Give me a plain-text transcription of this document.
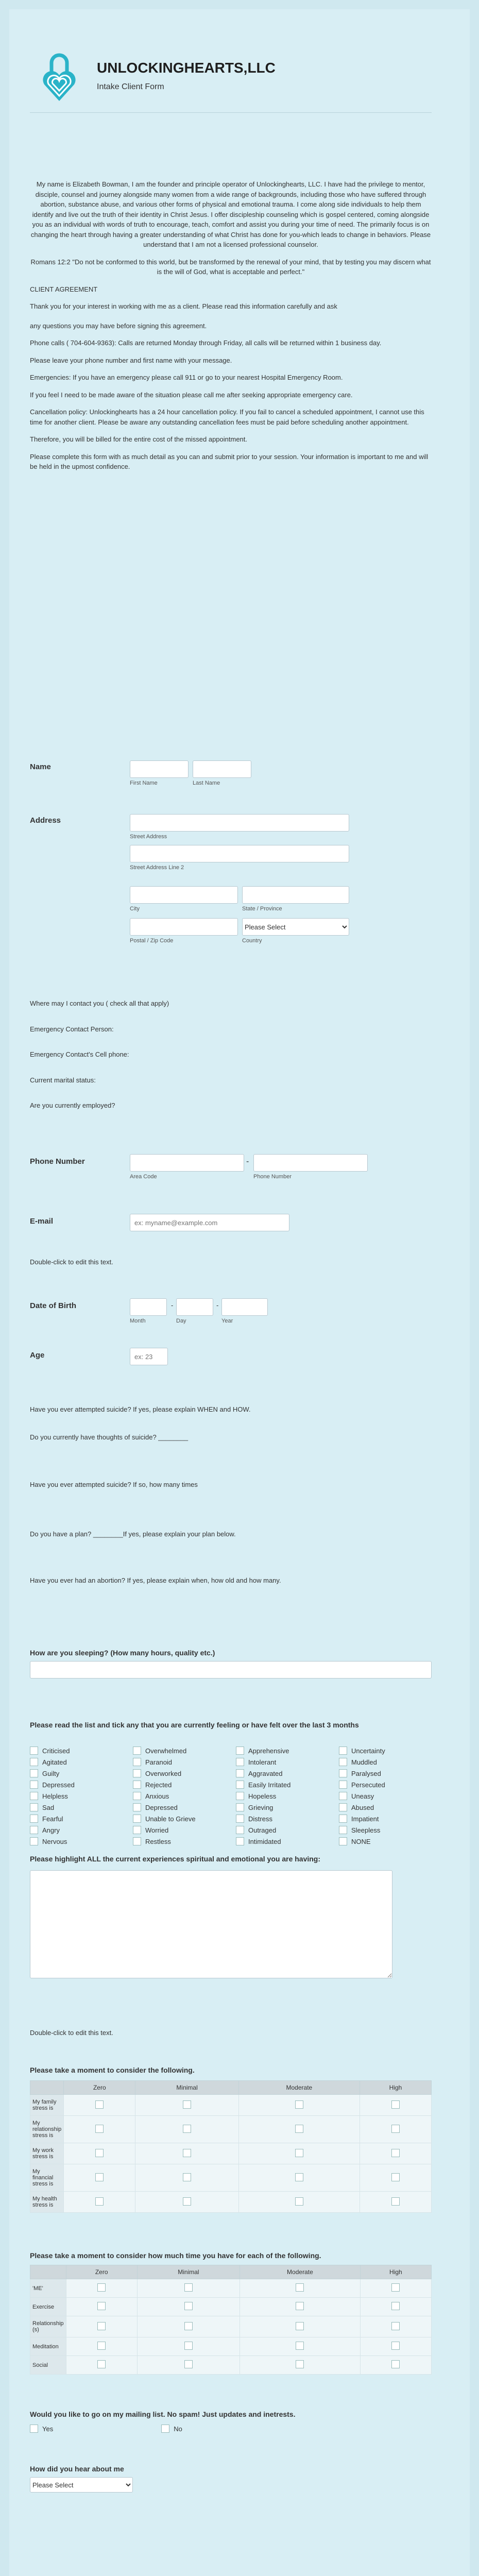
UNLOCKINGHEARTS,LLC
Intake Client Form

My name is Elizabeth Bowman, I am the founder and principle operator of Unlockinghearts, LLC. I have had the privilege to mentor, disciple, counsel and journey alongside many women from a wide range of backgrounds, including those who have suffered through abortion, substance abuse, and various other forms of physical and emotional trauma. I come along side individuals to help them identify and live out the truth of their identity in Christ Jesus. I offer discipleship counseling which is gospel centered, coming alongside you as an individual with words of truth to encourage, teach, comfort and assist you during your time of need. The primarily focus is on changing the heart through having a greater understanding of what Christ has done for you-which leads to change in behaviors. Please understand that I am not a licensed professional counselor.

Romans 12:2 "Do not be conformed to this world, but be transformed by the renewal of your mind, that by testing you may discern what is the will of God, what is acceptable and perfect."

CLIENT AGREEMENT

Thank you for your interest in working with me as a client. Please read this information carefully and ask

any questions you may have before signing this agreement.

Phone calls ( 704-604-9363): Calls are returned Monday through Friday, all calls will be returned within 1 business day.

Please leave your phone number and first name with your message.

Emergencies: If you have an emergency please call 911 or go to your nearest Hospital Emergency Room.

If you feel I need to be made aware of the situation please call me after seeking appropriate emergency care.

Cancellation policy: Unlockinghearts has a 24 hour cancellation policy. If you fail to cancel a scheduled appointment, I cannot use this time for another client. Please be aware any outstanding cancellation fees must be paid before scheduling another appointment.

Therefore, you will be billed for the entire cost of the missed appointment.

Please complete this form with as much detail as you can and submit prior to your session. Your information is important to me and will be held in the upmost confidence.

Name
First Name	Last Name
Address
Street Address
Street Address Line 2
City	State / Province
Postal / Zip Code
Please Select	Country

Where may I contact you ( check all that apply)

Emergency Contact Person:

Emergency Contact's Cell phone:

Current marital status:

Are you currently employed?

Phone Number
Area Code
-
Phone Number
E-mail
ex: myname@example.com
Double-click to edit this text.
Date of Birth
Month
-
Day
-
Year
Age
ex: 23
Have you ever attempted suicide? If yes, please explain WHEN and HOW.
Do you currently have thoughts of suicide? ________
Have you ever attempted suicide? If so, how many times
Do you have a plan? ________If yes, please explain your plan below.
Have you ever had an abortion? If yes, please explain when, how old and how many.
How are you sleeping? (How many hours, quality etc.)
Please read the list and tick any that you are currently feeling or have felt over the last 3 months
Criticised	Overwhelmed	Apprehensive	Uncertainty
Agitated	Paranoid	Intolerant	Muddled
Guilty	Overworked	Aggravated	Paralysed
Depressed	Rejected	Easily Irritated	Persecuted
Helpless	Anxious	Hopeless	Uneasy
Sad	Depressed	Grieving	Abused
Fearful	Unable to Grieve	Distress	Impatient
Angry	Worried	Outraged	Sleepless
Nervous	Restless	Intimidated	NONE
Please highlight ALL the current experiences spiritual and emotional you are having:
Double-click to edit this text.
Please take a moment to consider the following.
	Zero	Minimal	Moderate	High
My family stress is				
My relationship stress is				
My work stress is				
My financial stress is				
My health stress is				
Please take a moment to consider how much time you have for each of the following.
	Zero	Minimal	Moderate	High
'ME'				
Exercise				
Relationship (s)				
Meditation				
Social				
Would you like to go on my mailing list. No spam! Just updates and inetrests.
Yes	No
How did you hear about me
Please Select
